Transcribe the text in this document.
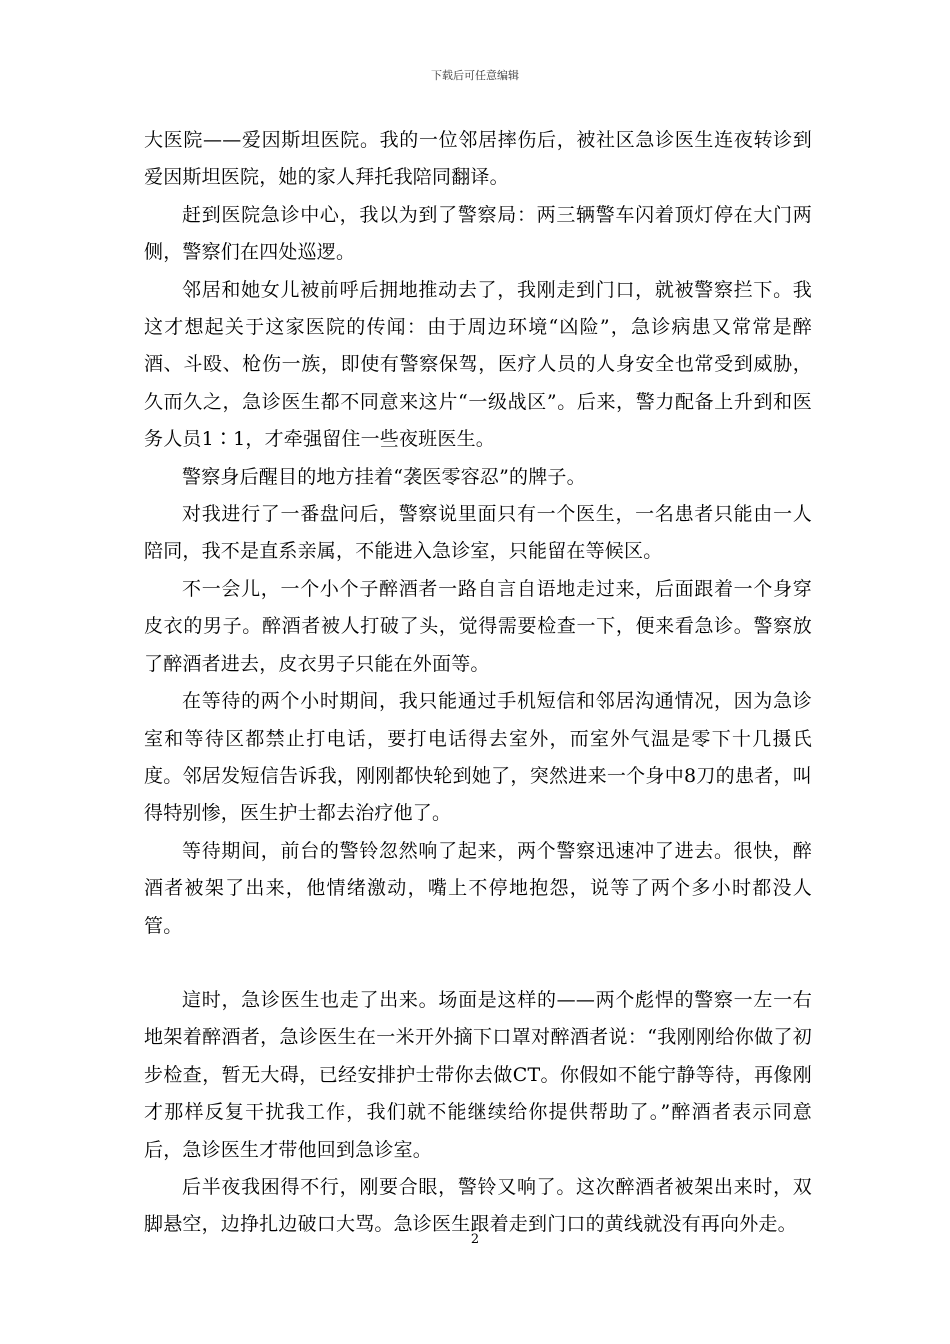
下载后可任意编辑

大医院——爱因斯坦医院。我的一位邻居摔伤后，被社区急诊医生连夜转诊到爱因斯坦医院，她的家人拜托我陪同翻译。

赶到医院急诊中心，我以为到了警察局：两三辆警车闪着顶灯停在大门两侧，警察们在四处巡逻。

邻居和她女儿被前呼后拥地推动去了，我刚走到门口，就被警察拦下。我这才想起关于这家医院的传闻：由于周边环境“凶险”，急诊病患又常常是醉酒、斗殴、枪伤一族，即使有警察保驾，医疗人员的人身安全也常受到威胁，久而久之，急诊医生都不同意来这片“一级战区”。后来，警力配备上升到和医务人员1∶1，才牵强留住一些夜班医生。

警察身后醒目的地方挂着“袭医零容忍”的牌子。

对我进行了一番盘问后，警察说里面只有一个医生，一名患者只能由一人陪同，我不是直系亲属，不能进入急诊室，只能留在等候区。

不一会儿，一个小个子醉酒者一路自言自语地走过来，后面跟着一个身穿皮衣的男子。醉酒者被人打破了头，觉得需要检查一下，便来看急诊。警察放了醉酒者进去，皮衣男子只能在外面等。

在等待的两个小时期间，我只能通过手机短信和邻居沟通情况，因为急诊室和等待区都禁止打电话，要打电话得去室外，而室外气温是零下十几摄氏度。邻居发短信告诉我，刚刚都快轮到她了，突然进来一个身中8刀的患者，叫得特别惨，医生护士都去治疗他了。

等待期间，前台的警铃忽然响了起来，两个警察迅速冲了进去。很快，醉酒者被架了出来，他情绪激动，嘴上不停地抱怨，说等了两个多小时都没人管。

這时，急诊医生也走了出来。场面是这样的——两个彪悍的警察一左一右地架着醉酒者，急诊医生在一米开外摘下口罩对醉酒者说：“我刚刚给你做了初步检查，暂无大碍，已经安排护士带你去做CT。你假如不能宁静等待，再像刚才那样反复干扰我工作，我们就不能继续给你提供帮助了。”醉酒者表示同意后，急诊医生才带他回到急诊室。

后半夜我困得不行，刚要合眼，警铃又响了。这次醉酒者被架出来时，双脚悬空，边挣扎边破口大骂。急诊医生跟着走到门口的黄线就没有再向外走。

2
